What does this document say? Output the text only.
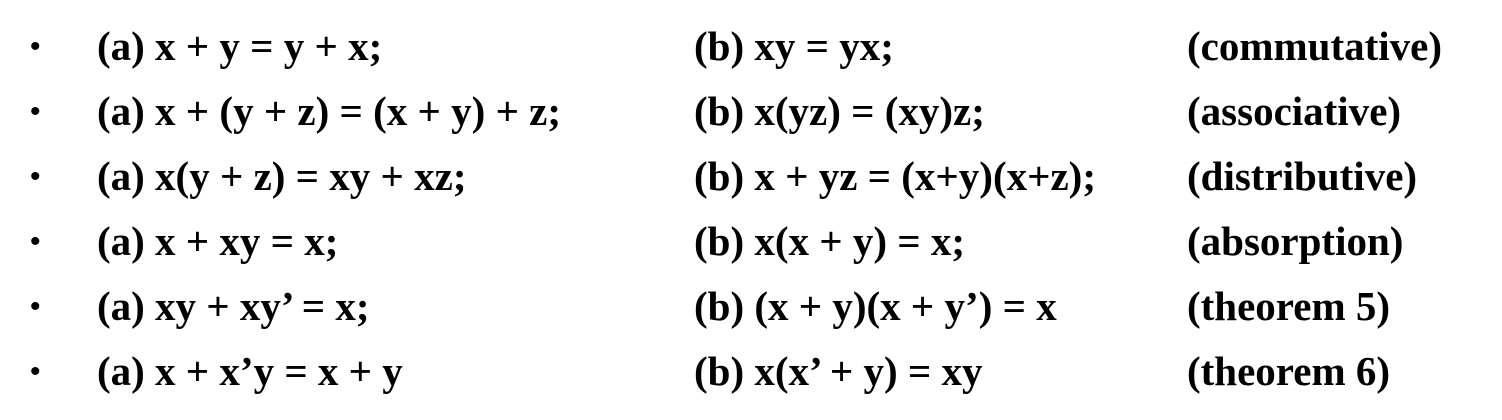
• (a) x + y = y + x;	(b) xy = yx;	(commutative)
• (a) x + (y + z) = (x + y) + z;	(b) x(yz) = (xy)z;	(associative)
• (a) x(y + z) = xy + xz;	(b) x + yz = (x+y)(x+z); (distributive)
• (a) x + xy = x;	(b) x(x + y) = x;	(absorption)
• (a) xy + xy’ = x;	(b) (x + y)(x + y’) = x	(theorem 5)
• (a) x + x’y = x + y	(b) x(x’ + y) = xy	(theorem 6)
